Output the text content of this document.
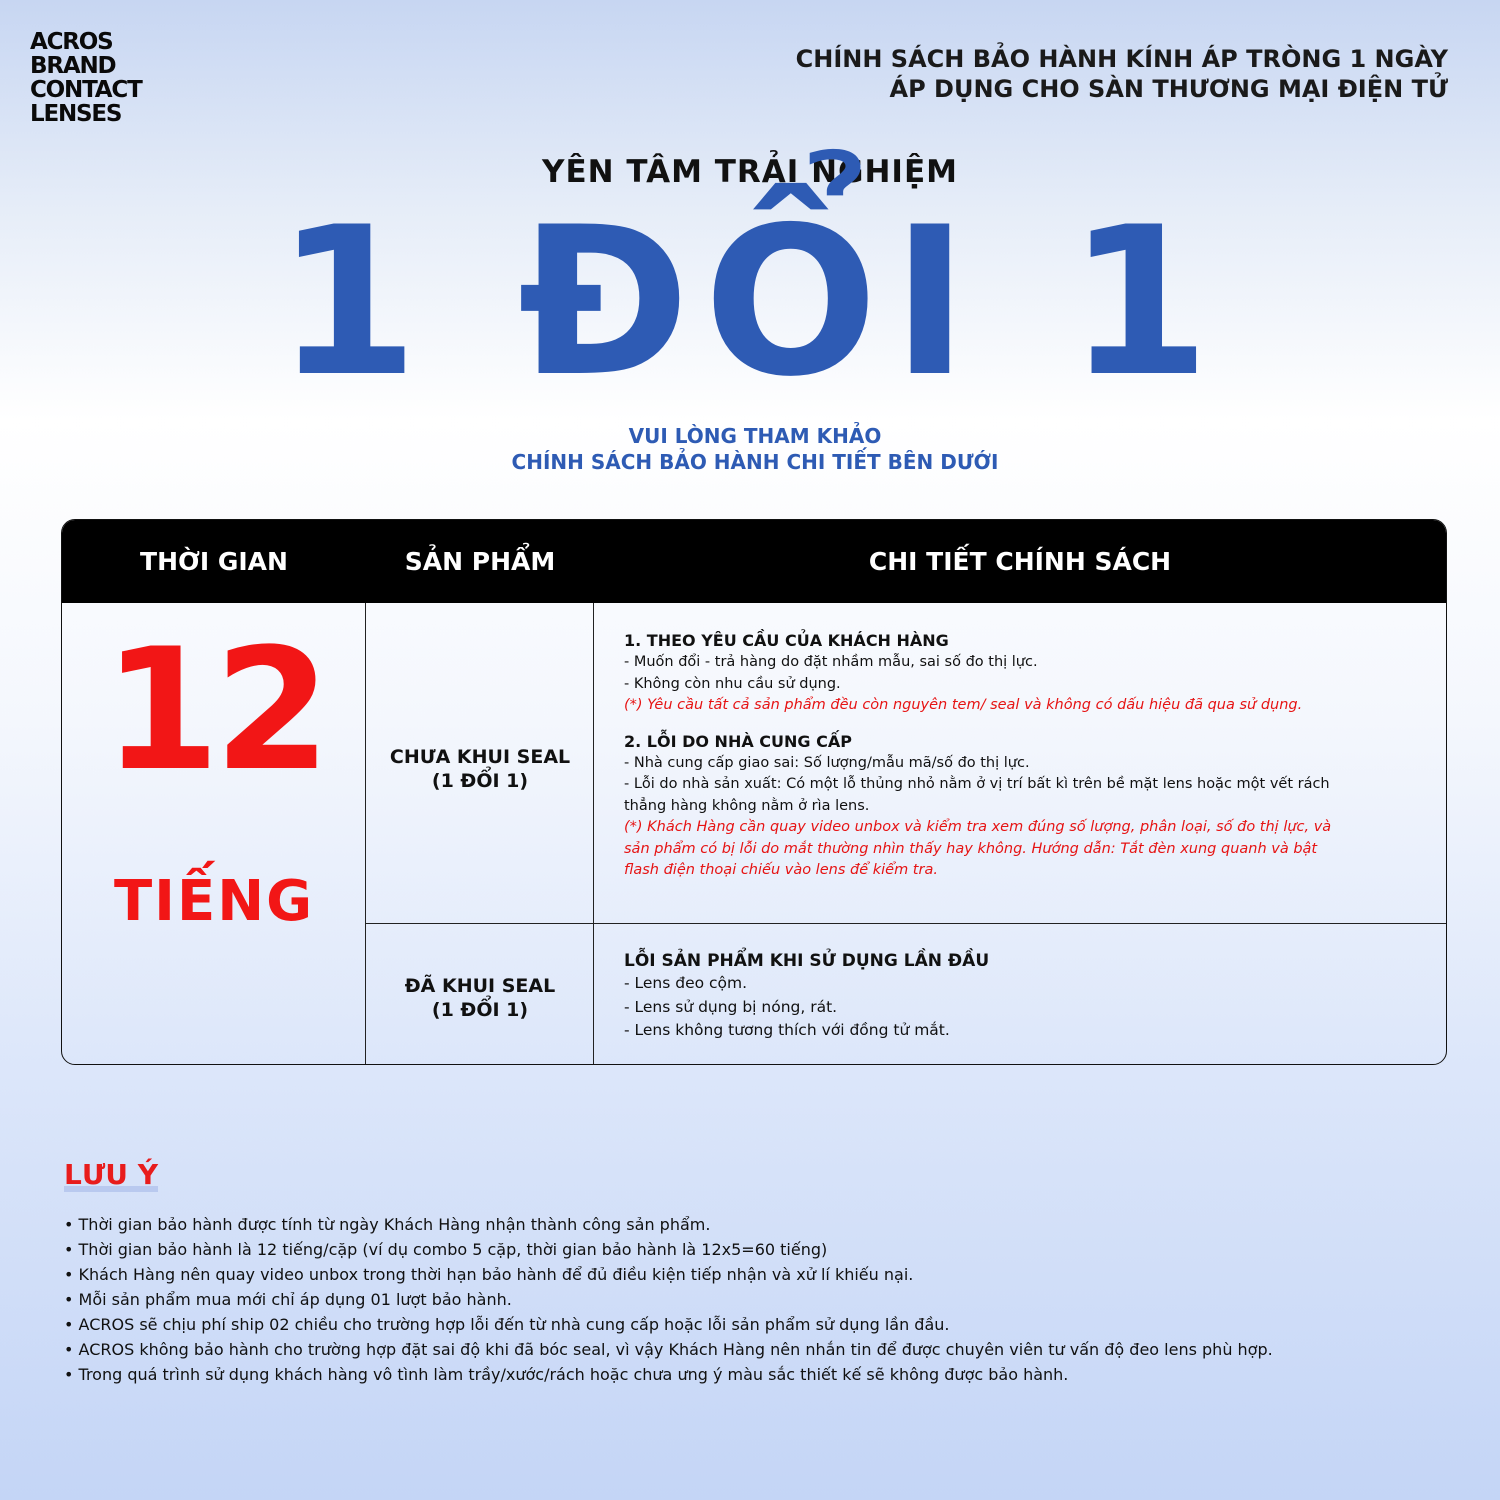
ACROS
BRAND
CONTACT
LENSES
CHÍNH SÁCH BẢO HÀNH KÍNH ÁP TRÒNG 1 NGÀY
ÁP DỤNG CHO SÀN THƯƠNG MẠI ĐIỆN TỬ
YÊN TÂM TRẢI NGHIỆM
1 ĐỔI 1
VUI LÒNG THAM KHẢO
CHÍNH SÁCH BẢO HÀNH CHI TIẾT BÊN DƯỚI
THỜI GIAN	SẢN PHẨM	CHI TIẾT CHÍNH SÁCH
12
TIẾNG
CHƯA KHUI SEAL
(1 ĐỔI 1)
ĐÃ KHUI SEAL
(1 ĐỔI 1)
1. THEO YÊU CẦU CỦA KHÁCH HÀNG
- Muốn đổi - trả hàng do đặt nhầm mẫu, sai số đo thị lực.
- Không còn nhu cầu sử dụng.
(*) Yêu cầu tất cả sản phẩm đều còn nguyên tem/ seal và không có dấu hiệu đã qua sử dụng.
2. LỖI DO NHÀ CUNG CẤP
- Nhà cung cấp giao sai: Số lượng/mẫu mã/số đo thị lực.
- Lỗi do nhà sản xuất: Có một lỗ thủng nhỏ nằm ở vị trí bất kì trên bề mặt lens hoặc một vết rách
thẳng hàng không nằm ở rìa lens.
(*) Khách Hàng cần quay video unbox và kiểm tra xem đúng số lượng, phân loại, số đo thị lực, và
sản phẩm có bị lỗi do mắt thường nhìn thấy hay không. Hướng dẫn: Tắt đèn xung quanh và bật
flash điện thoại chiếu vào lens để kiểm tra.
LỖI SẢN PHẨM KHI SỬ DỤNG LẦN ĐẦU
- Lens đeo cộm.
- Lens sử dụng bị nóng, rát.
- Lens không tương thích với đồng tử mắt.
LƯU Ý
• Thời gian bảo hành được tính từ ngày Khách Hàng nhận thành công sản phẩm.
• Thời gian bảo hành là 12 tiếng/cặp (ví dụ combo 5 cặp, thời gian bảo hành là 12x5=60 tiếng)
• Khách Hàng nên quay video unbox trong thời hạn bảo hành để đủ điều kiện tiếp nhận và xử lí khiếu nại.
• Mỗi sản phẩm mua mới chỉ áp dụng 01 lượt bảo hành.
• ACROS sẽ chịu phí ship 02 chiều cho trường hợp lỗi đến từ nhà cung cấp hoặc lỗi sản phẩm sử dụng lần đầu.
• ACROS không bảo hành cho trường hợp đặt sai độ khi đã bóc seal, vì vậy Khách Hàng nên nhắn tin để được chuyên viên tư vấn độ đeo lens phù hợp.
• Trong quá trình sử dụng khách hàng vô tình làm trầy/xước/rách hoặc chưa ưng ý màu sắc thiết kế sẽ không được bảo hành.
